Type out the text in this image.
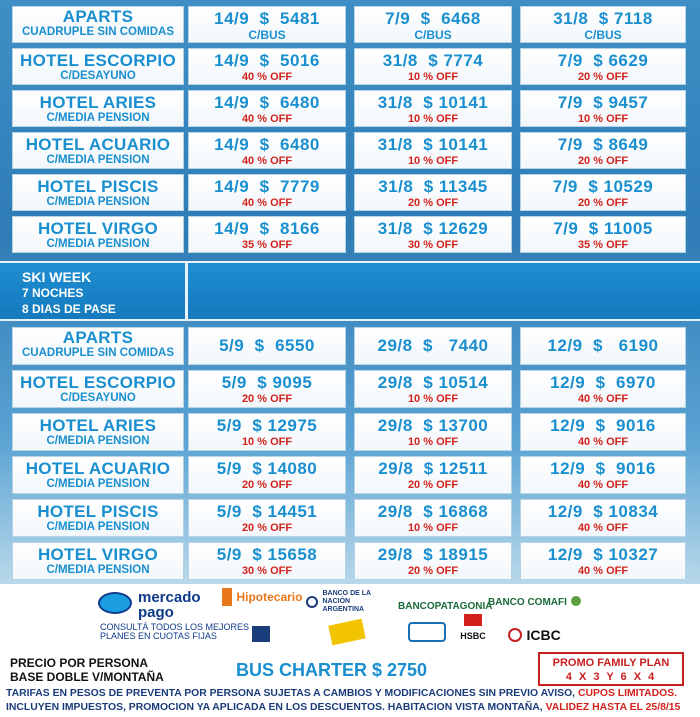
APARTS
CUADRUPLE SIN COMIDAS
14/9  $  5481
C/BUS
7/9  $  6468
C/BUS
31/8  $ 7118
C/BUS
HOTEL ESCORPIO
C/DESAYUNO
14/9  $  5016
40 % OFF
31/8  $ 7774
10 % OFF
7/9  $ 6629
20 % OFF
HOTEL ARIES
C/MEDIA PENSION
14/9  $  6480
40 % OFF
31/8  $ 10141
10 % OFF
7/9  $ 9457
10 % OFF
HOTEL ACUARIO
C/MEDIA PENSION
14/9  $  6480
40 % OFF
31/8  $ 10141
10 % OFF
7/9  $ 8649
20 % OFF
HOTEL PISCIS
C/MEDIA PENSION
14/9  $  7779
40 % OFF
31/8  $ 11345
20 % OFF
7/9  $ 10529
20 % OFF
HOTEL VIRGO
C/MEDIA PENSION
14/9  $  8166
35 % OFF
31/8  $ 12629
30 % OFF
7/9  $ 11005
35 % OFF
SKI WEEK
7 NOCHES
8 DIAS DE PASE
APARTS
CUADRUPLE SIN COMIDAS	5/9  $  6550	29/8  $   7440	12/9  $   6190
HOTEL ESCORPIO
C/DESAYUNO
5/9  $ 9095
20 % OFF
29/8  $ 10514
10 % OFF
12/9  $  6970
40 % OFF
HOTEL ARIES
C/MEDIA PENSION
5/9  $ 12975
10 % OFF
29/8  $ 13700
10 % OFF
12/9  $  9016
40 % OFF
HOTEL ACUARIO
C/MEDIA PENSION
5/9  $ 14080
20 % OFF
29/8  $ 12511
20 % OFF
12/9  $  9016
40 % OFF
HOTEL PISCIS
C/MEDIA PENSION
5/9  $ 14451
20 % OFF
29/8  $ 16868
10 % OFF
12/9  $ 10834
40 % OFF
HOTEL VIRGO
C/MEDIA PENSION
5/9  $ 15658
30 % OFF
29/8  $ 18915
20 % OFF
12/9  $ 10327
40 % OFF
mercado pago
CONSULTÁ TODOS LOS MEJORES
PLANES EN CUOTAS FIJAS
Hipotecario	BANCO DE LA NACIÓN ARGENTINA	BANCOPATAGONIA
BANCO COMAFI
HSBC	ICBC
PRECIO POR PERSONA
BASE DOBLE V/MONTAÑA	BUS CHARTER $ 2750	PROMO FAMILY PLAN
4 X 3 Y 6 X 4
TARIFAS EN PESOS DE PREVENTA POR PERSONA SUJETAS A CAMBIOS Y MODIFICACIONES SIN PREVIO AVISO, CUPOS LIMITADOS.
INCLUYEN IMPUESTOS, PROMOCION YA APLICADA EN LOS DESCUENTOS. HABITACION VISTA MONTAÑA, VALIDEZ HASTA EL 25/8/15
